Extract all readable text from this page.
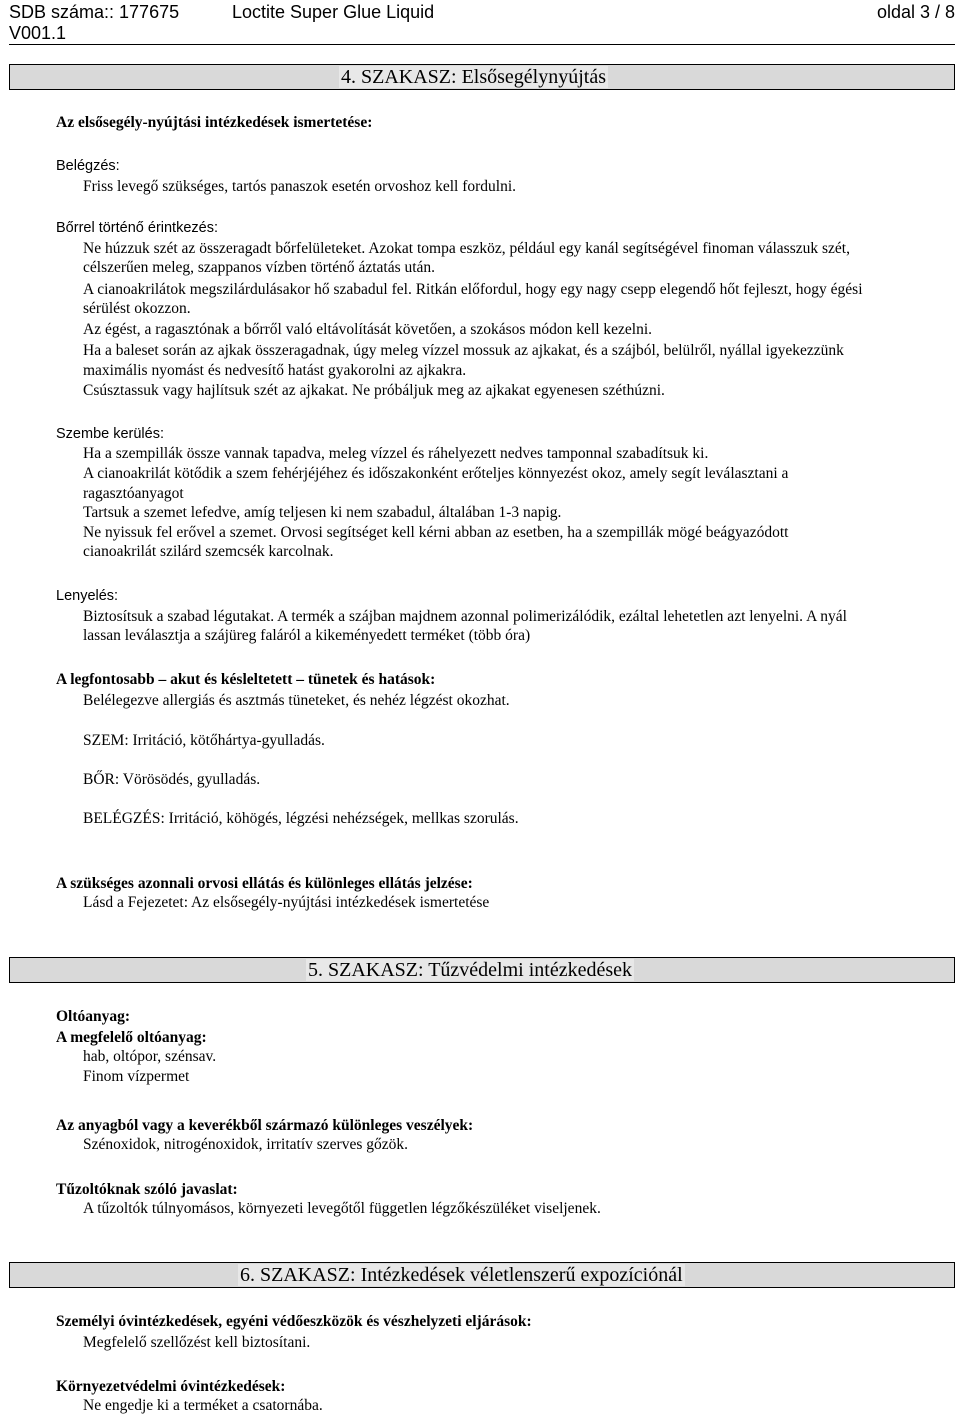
SDB száma:: 177675	Loctite Super Glue Liquid	oldal 3 / 8
V001.1
4. SZAKASZ: Elsősegélynyújtás
Az elsősegély-nyújtási intézkedések ismertetése:
Belégzés:
Friss levegő szükséges, tartós panaszok esetén orvoshoz kell fordulni.
Bőrrel történő érintkezés:
Ne húzzuk szét az összeragadt bőrfelületeket. Azokat tompa eszköz, például egy kanál segítségével finoman válasszuk szét,
célszerűen meleg, szappanos vízben történő áztatás után.
A cianoakrilátok megszilárdulásakor hő szabadul fel. Ritkán előfordul, hogy egy nagy csepp elegendő hőt fejleszt, hogy égési
sérülést okozzon.
Az égést, a ragasztónak a bőrről való eltávolítását követően, a szokásos módon kell kezelni.
Ha a baleset során az ajkak összeragadnak, úgy meleg vízzel mossuk az ajkakat, és a szájból, belülről, nyállal igyekezzünk
maximális nyomást és nedvesítő hatást gyakorolni az ajkakra.
Csúsztassuk vagy hajlítsuk szét az ajkakat. Ne próbáljuk meg az ajkakat egyenesen széthúzni.
Szembe kerülés:
Ha a szempillák össze vannak tapadva, meleg vízzel és ráhelyezett nedves tamponnal szabadítsuk ki.
A cianoakrilát kötődik a szem fehérjéjéhez és időszakonként erőteljes könnyezést okoz, amely segít leválasztani a
ragasztóanyagot
Tartsuk a szemet lefedve, amíg teljesen ki nem szabadul, általában 1-3 napig.
Ne nyissuk fel erővel a szemet. Orvosi segítséget kell kérni abban az esetben, ha a szempillák mögé beágyazódott
cianoakrilát szilárd szemcsék karcolnak.
Lenyelés:
Biztosítsuk a szabad légutakat. A termék a szájban majdnem azonnal polimerizálódik, ezáltal lehetetlen azt lenyelni. A nyál
lassan leválasztja a szájüreg faláról a kikeményedett terméket (több óra)
A legfontosabb – akut és késleltetett – tünetek és hatások:
Belélegezve allergiás és asztmás tüneteket, és nehéz légzést okozhat.
SZEM: Irritáció, kötőhártya-gyulladás.
BŐR: Vörösödés, gyulladás.
BELÉGZÉS: Irritáció, köhögés, légzési nehézségek, mellkas szorulás.
A szükséges azonnali orvosi ellátás és különleges ellátás jelzése:
Lásd a Fejezetet: Az elsősegély-nyújtási intézkedések ismertetése
5. SZAKASZ: Tűzvédelmi intézkedések
Oltóanyag:
A megfelelő oltóanyag:
hab, oltópor, szénsav.
Finom vízpermet
Az anyagból vagy a keverékből származó különleges veszélyek:
Szénoxidok, nitrogénoxidok, irritatív szerves gőzök.
Tűzoltóknak szóló javaslat:
A tűzoltók túlnyomásos, környezeti levegőtől független légzőkészüléket viseljenek.
6. SZAKASZ: Intézkedések véletlenszerű expozíciónál
Személyi óvintézkedések, egyéni védőeszközök és vészhelyzeti eljárások:
Megfelelő szellőzést kell biztosítani.
Környezetvédelmi óvintézkedések:
Ne engedje ki a terméket a csatornába.
